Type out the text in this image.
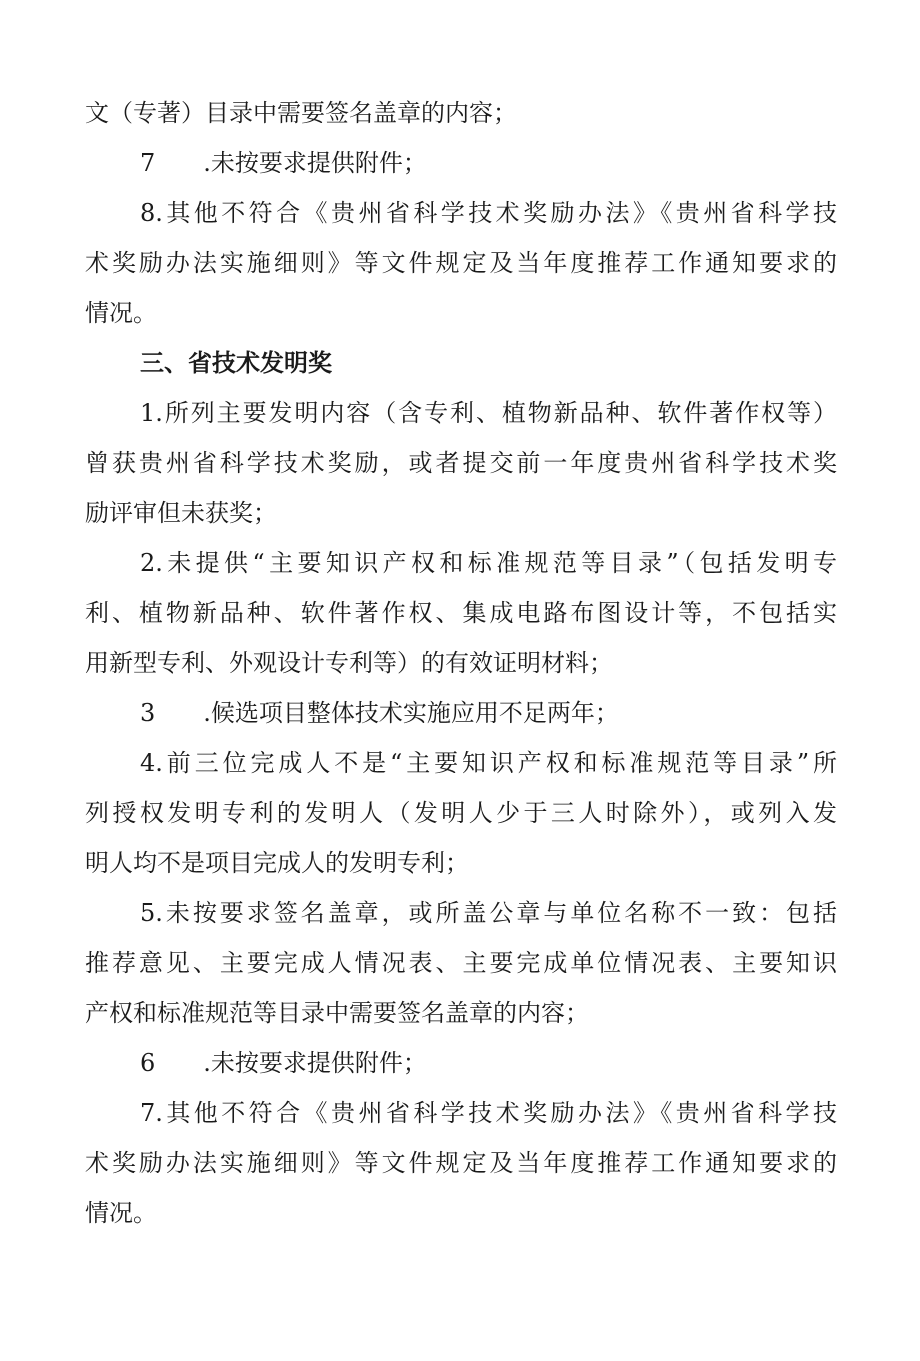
文（专著）目录中需要签名盖章的内容；
7　　.未按要求提供附件；
8.其他不符合《贵州省科学技术奖励办法》《贵州省科学技
术奖励办法实施细则》等文件规定及当年度推荐工作通知要求的
情况。
三、省技术发明奖
1.所列主要发明内容（含专利、植物新品种、软件著作权等）
曾获贵州省科学技术奖励，或者提交前一年度贵州省科学技术奖
励评审但未获奖；
2.未提供“主要知识产权和标准规范等目录”（包括发明专
利、植物新品种、软件著作权、集成电路布图设计等，不包括实
用新型专利、外观设计专利等）的有效证明材料；
3　　.候选项目整体技术实施应用不足两年；
4.前三位完成人不是“主要知识产权和标准规范等目录”所
列授权发明专利的发明人（发明人少于三人时除外），或列入发
明人均不是项目完成人的发明专利；
5.未按要求签名盖章，或所盖公章与单位名称不一致：包括
推荐意见、主要完成人情况表、主要完成单位情况表、主要知识
产权和标准规范等目录中需要签名盖章的内容；
6　　.未按要求提供附件；
7.其他不符合《贵州省科学技术奖励办法》《贵州省科学技
术奖励办法实施细则》等文件规定及当年度推荐工作通知要求的
情况。
